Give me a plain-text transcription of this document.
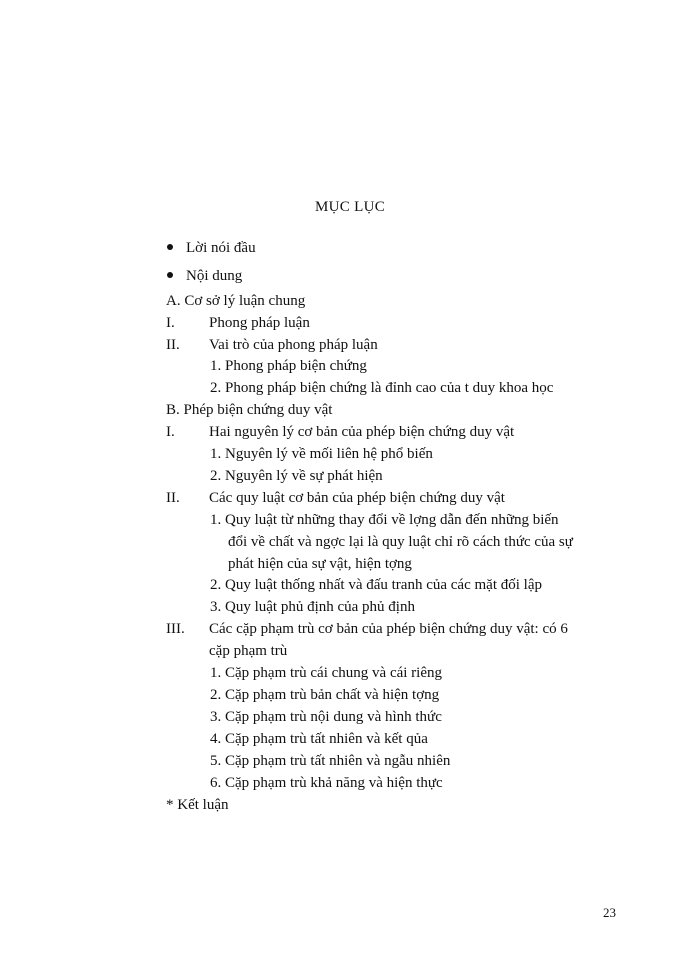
MỤC LỤC
Lời nói đầu
Nội dung
A. Cơ sở lý luận chung
I. Phong pháp luận
II. Vai trò của phong pháp luận
1. Phong pháp biện chứng
2. Phong pháp biện chứng là đỉnh cao của t duy khoa học
B. Phép biện chứng duy vật
I. Hai nguyên lý cơ bản của phép biện chứng duy vật
1. Nguyên lý về mối liên hệ phổ biến
2. Nguyên lý về sự phát hiện
II. Các quy luật cơ bản của phép biện chứng duy vật
1. Quy luật từ những thay đổi về lợng dẫn đến những biến
đổi về chất và ngợc lại là quy luật chỉ rõ cách thức của sự
phát hiện của sự vật, hiện tợng
2. Quy luật thống nhất và đấu tranh của các mặt đối lập
3. Quy luật phủ định của phủ định
III. Các cặp phạm trù cơ bản của phép biện chứng duy vật: có 6
cặp phạm trù
1. Cặp phạm trù cái chung và cái riêng
2. Cặp phạm trù bản chất và hiện tợng
3. Cặp phạm trù nội dung và hình thức
4. Cặp phạm trù tất nhiên và kết qủa
5. Cặp phạm trù tất nhiên và ngẫu nhiên
6. Cặp phạm trù khả năng và hiện thực
* Kết luận
23
